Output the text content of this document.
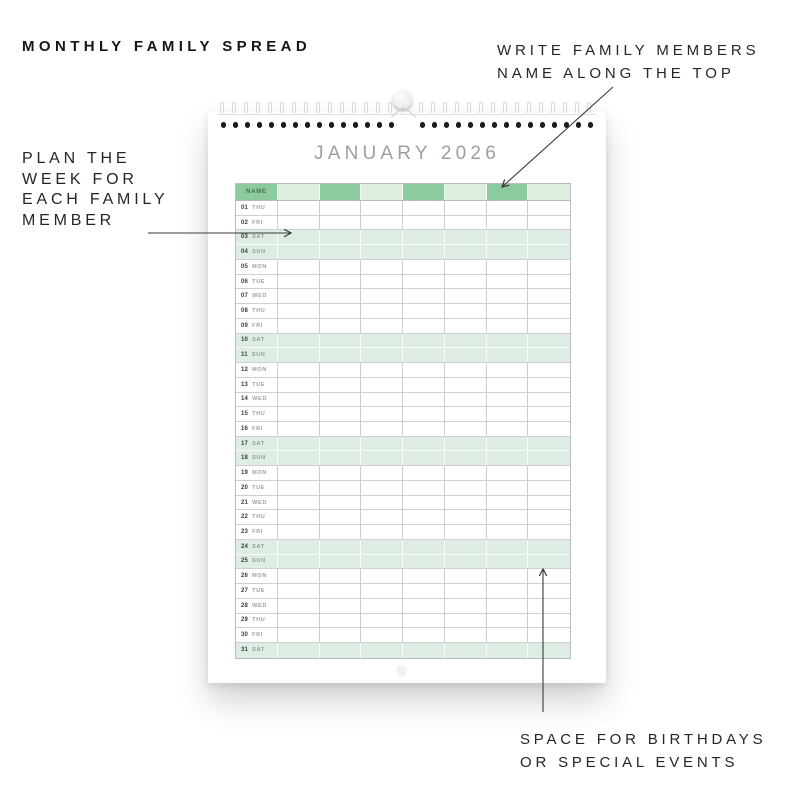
MONTHLY FAMILY SPREAD	WRITE FAMILY MEMBERS
NAME ALONG THE TOP
PLAN THE
WEEK FOR
EACH FAMILY
MEMBER
SPACE FOR BIRTHDAYS
OR SPECIAL EVENTS
JANUARY 2026
NAME
01 THU
02 FRI
03 SAT
04 SUN
05 MON
06 TUE
07 WED
08 THU
09 FRI
10 SAT
11 SUN
12 MON
13 TUE
14 WED
15 THU
16 FRI
17 SAT
18 SUN
19 MON
20 TUE
21 WED
22 THU
23 FRI
24 SAT
25 SUN
26 MON
27 TUE
28 WED
29 THU
30 FRI
31 SAT
